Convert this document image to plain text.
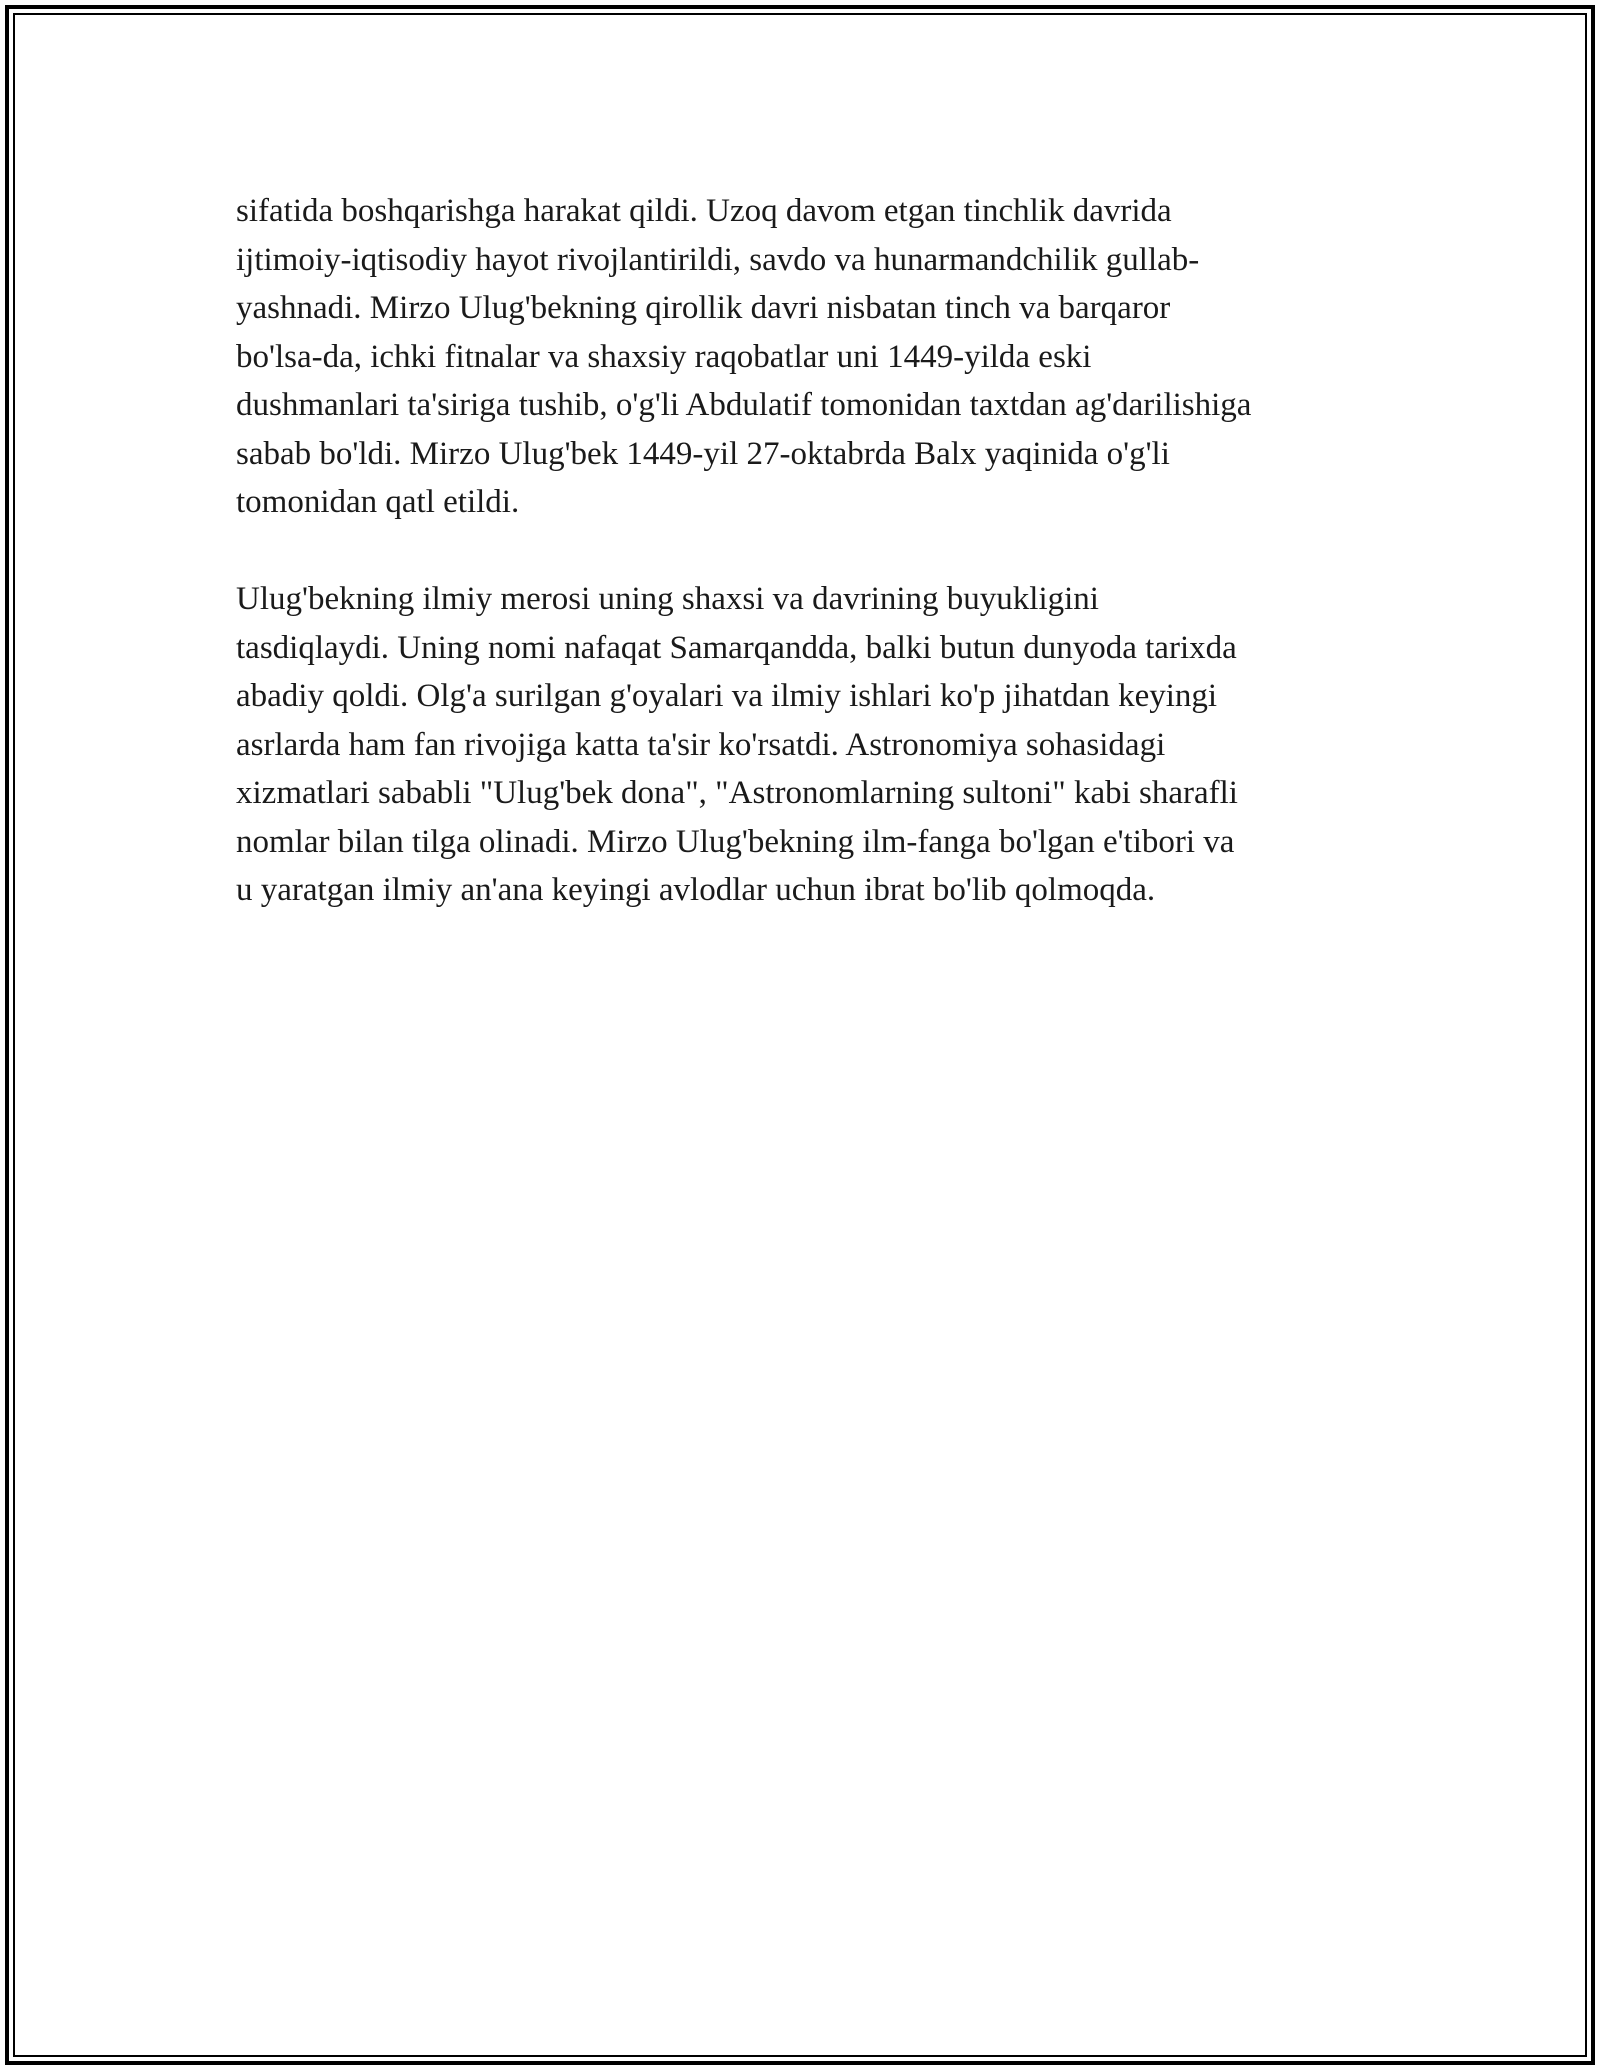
sifatida boshqarishga harakat qildi. Uzoq davom etgan tinchlik davrida
ijtimoiy-iqtisodiy hayot rivojlantirildi, savdo va hunarmandchilik gullab-
yashnadi. Mirzo Ulug'bekning qirollik davri nisbatan tinch va barqaror
bo'lsa-da, ichki fitnalar va shaxsiy raqobatlar uni 1449-yilda eski
dushmanlari ta'siriga tushib, o'g'li Abdulatif tomonidan taxtdan ag'darilishiga
sabab bo'ldi. Mirzo Ulug'bek 1449-yil 27-oktabrda Balx yaqinida o'g'li
tomonidan qatl etildi.

Ulug'bekning ilmiy merosi uning shaxsi va davrining buyukligini
tasdiqlaydi. Uning nomi nafaqat Samarqandda, balki butun dunyoda tarixda
abadiy qoldi. Olg'a surilgan g'oyalari va ilmiy ishlari ko'p jihatdan keyingi
asrlarda ham fan rivojiga katta ta'sir ko'rsatdi. Astronomiya sohasidagi
xizmatlari sababli "Ulug'bek dona", "Astronomlarning sultoni" kabi sharafli
nomlar bilan tilga olinadi. Mirzo Ulug'bekning ilm-fanga bo'lgan e'tibori va
u yaratgan ilmiy an'ana keyingi avlodlar uchun ibrat bo'lib qolmoqda.
